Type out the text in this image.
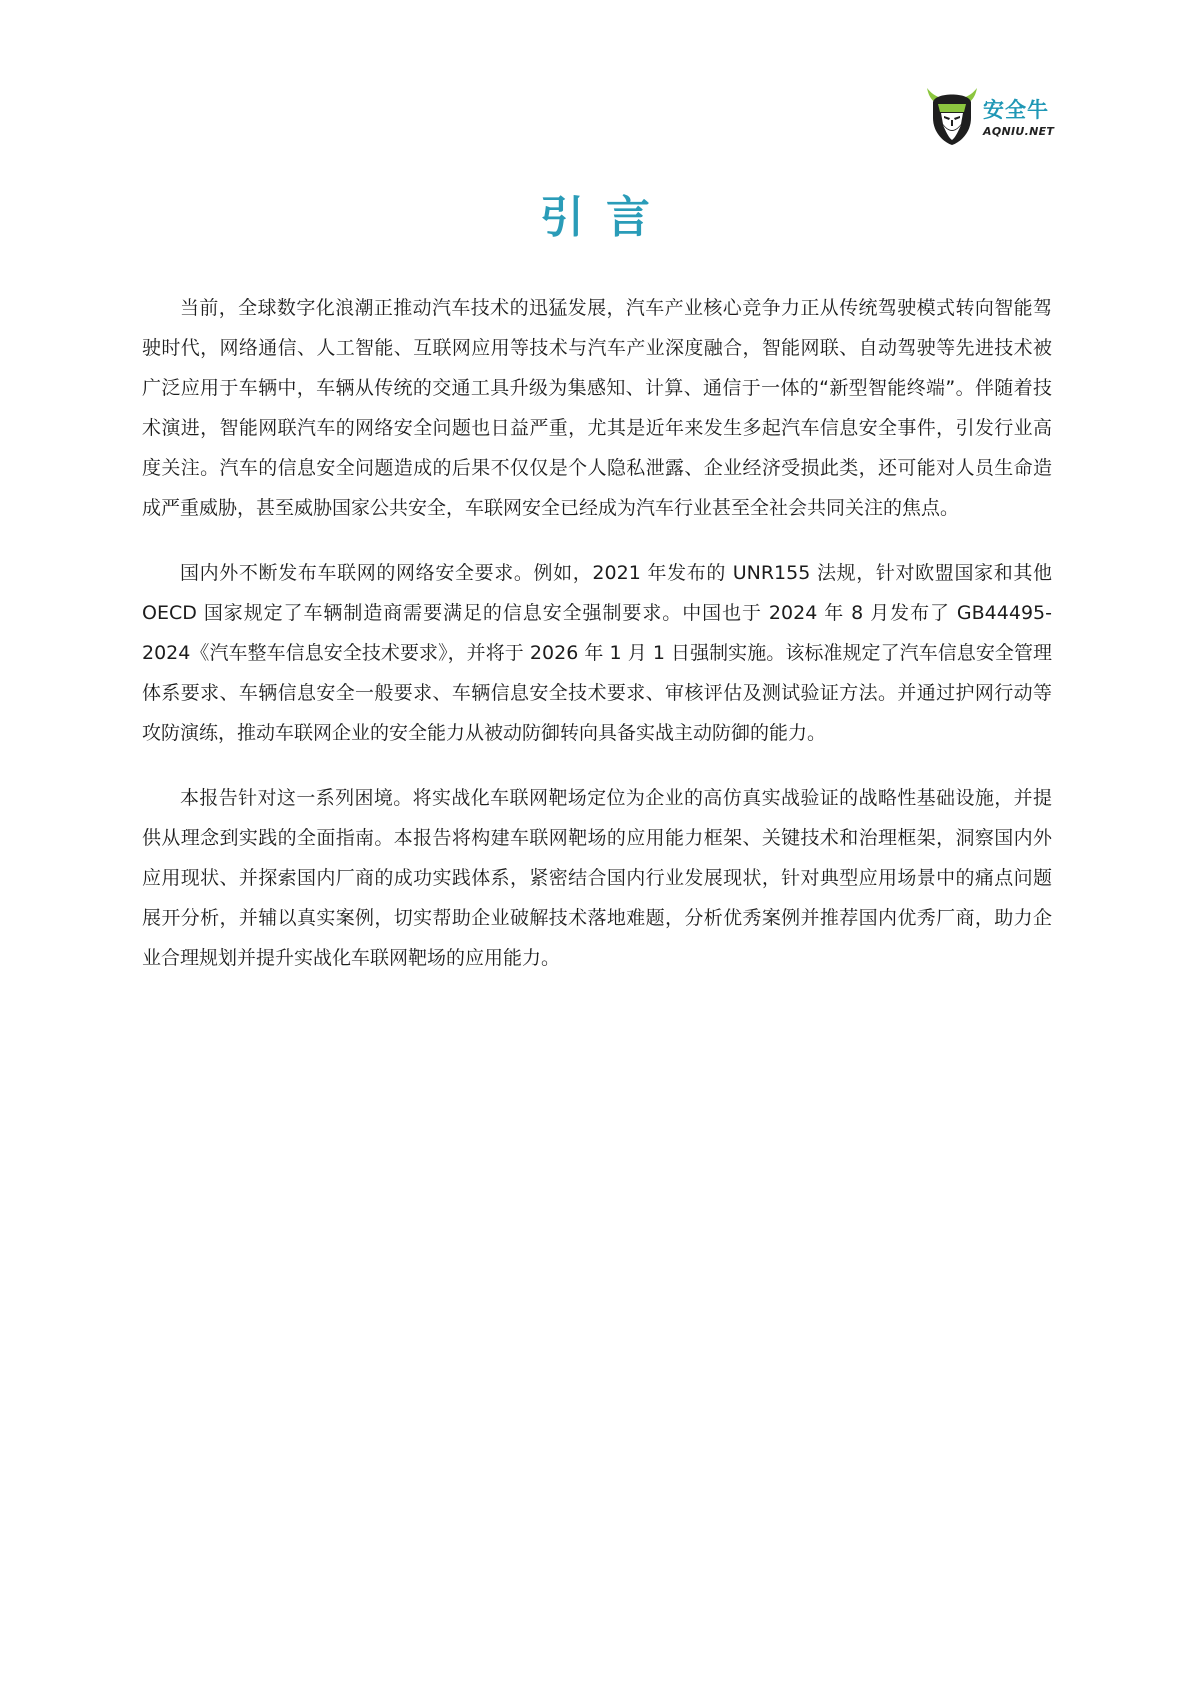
安全牛
AQNIU.NET
引言

当前，全球数字化浪潮正推动汽车技术的迅猛发展，汽车产业核心竞争力正从传统驾驶模式转向智能驾驶时代，网络通信、人工智能、互联网应用等技术与汽车产业深度融合，智能网联、自动驾驶等先进技术被广泛应用于车辆中，车辆从传统的交通工具升级为集感知、计算、通信于一体的“新型智能终端”。伴随着技术演进，智能网联汽车的网络安全问题也日益严重，尤其是近年来发生多起汽车信息安全事件，引发行业高度关注。汽车的信息安全问题造成的后果不仅仅是个人隐私泄露、企业经济受损此类，还可能对人员生命造成严重威胁，甚至威胁国家公共安全，车联网安全已经成为汽车行业甚至全社会共同关注的焦点。

国内外不断发布车联网的网络安全要求。例如，2021 年发布的 UNR155 法规，针对欧盟国家和其他 OECD 国家规定了车辆制造商需要满足的信息安全强制要求。中国也于 2024 年 8 月发布了 GB44495-2024《汽车整车信息安全技术要求》，并将于 2026 年 1 月 1 日强制实施。该标准规定了汽车信息安全管理体系要求、车辆信息安全一般要求、车辆信息安全技术要求、审核评估及测试验证方法。并通过护网行动等攻防演练，推动车联网企业的安全能力从被动防御转向具备实战主动防御的能力。

本报告针对这一系列困境。将实战化车联网靶场定位为企业的高仿真实战验证的战略性基础设施，并提供从理念到实践的全面指南。本报告将构建车联网靶场的应用能力框架、关键技术和治理框架，洞察国内外应用现状、并探索国内厂商的成功实践体系，紧密结合国内行业发展现状，针对典型应用场景中的痛点问题展开分析，并辅以真实案例，切实帮助企业破解技术落地难题，分析优秀案例并推荐国内优秀厂商，助力企业合理规划并提升实战化车联网靶场的应用能力。
